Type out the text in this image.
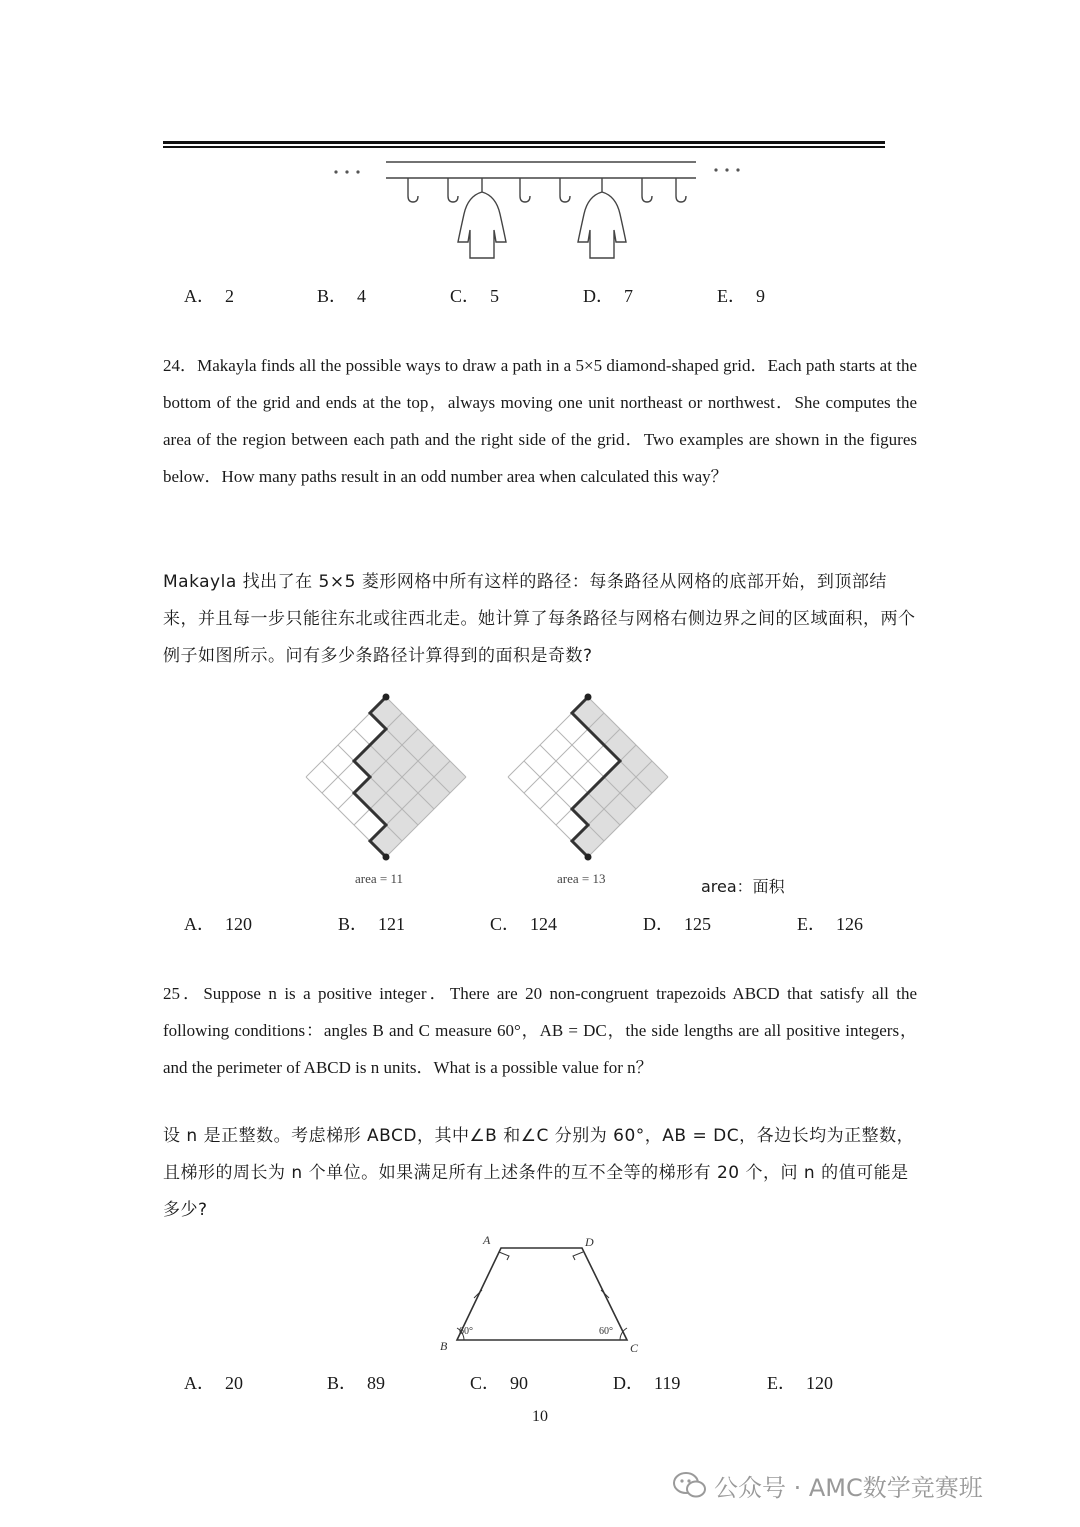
A． 2	B． 4	C． 5	D． 7	E． 9
24．Makayla finds all the possible ways to draw a path in a 5×5 diamond-shaped grid．Each path starts at the bottom of the grid and ends at the top，always moving one unit northeast or northwest．She computes the area of the region between each path and the right side of the grid．Two examples are shown in the figures below．How many paths result in an odd number area when calculated this way？
Makayla 找出了在 5×5 菱形网格中所有这样的路径：每条路径从网格的底部开始，到顶部结来，并且每一步只能往东北或往西北走。她计算了每条路径与网格右侧边界之间的区域面积，两个例子如图所示。问有多少条路径计算得到的面积是奇数?
area = 11	area = 13	area：面积
A． 120	B． 121	C． 124	D． 125	E． 126
25．Suppose n is a positive integer．There are 20 non-congruent trapezoids ABCD that satisfy all the following conditions：angles B and C measure 60°，AB = DC，the side lengths are all positive integers，and the perimeter of ABCD is n units．What is a possible value for n？
设 n 是正整数。考虑梯形 ABCD，其中∠B 和∠C 分别为 60°，AB = DC，各边长均为正整数，且梯形的周长为 n 个单位。如果满足所有上述条件的互不全等的梯形有 20 个，问 n 的值可能是多少?
A	D
B	C
60°	60°
A． 20	B． 89	C． 90	D． 119	E． 120
10
公众号 · AMC数学竞赛班
